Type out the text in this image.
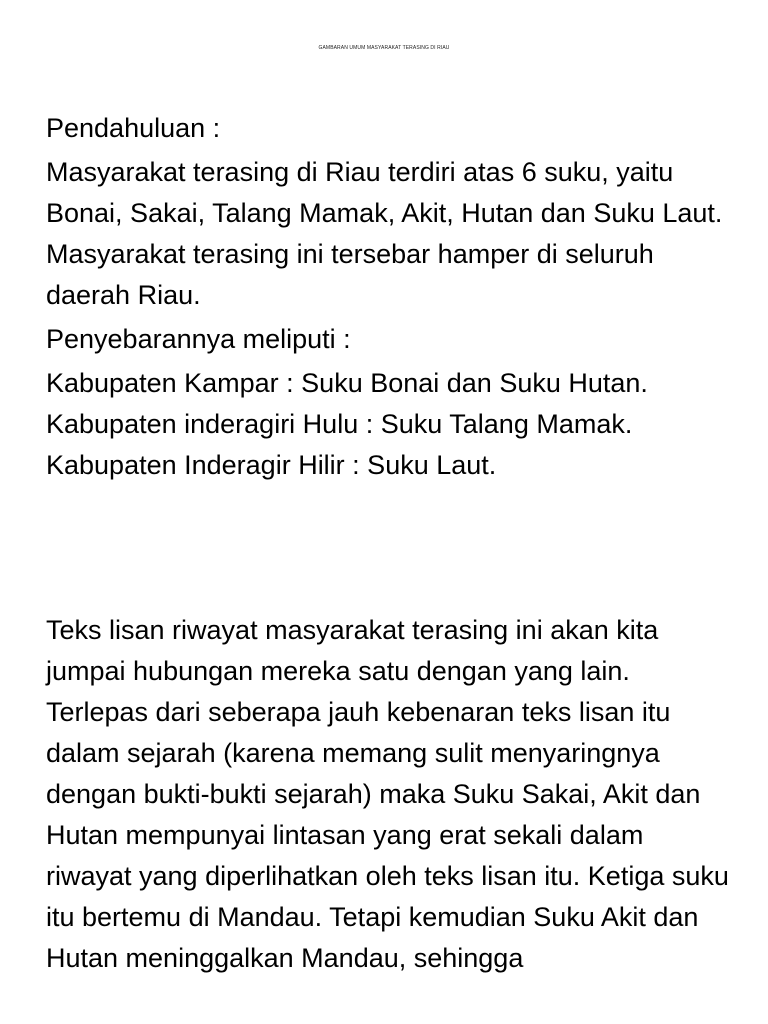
GAMBARAN UMUM MASYARAKAT TERASING DI RIAU

Pendahuluan :

Masyarakat terasing di Riau terdiri atas 6 suku, yaitu Bonai, Sakai, Talang Mamak, Akit, Hutan dan Suku Laut. Masyarakat terasing ini tersebar hamper di seluruh daerah Riau.

Penyebarannya meliputi :

Kabupaten Kampar : Suku Bonai dan Suku Hutan.

Kabupaten inderagiri Hulu : Suku Talang Mamak.

Kabupaten Inderagir Hilir : Suku Laut.

Teks lisan riwayat masyarakat terasing ini akan kita jumpai hubungan mereka satu dengan yang lain. Terlepas dari seberapa jauh kebenaran teks lisan itu dalam sejarah (karena memang sulit menyaringnya dengan bukti-bukti sejarah) maka Suku Sakai, Akit dan Hutan mempunyai lintasan yang erat sekali dalam riwayat yang diperlihatkan oleh teks lisan itu. Ketiga suku itu bertemu di Mandau. Tetapi kemudian Suku Akit dan Hutan meninggalkan Mandau, sehingga
